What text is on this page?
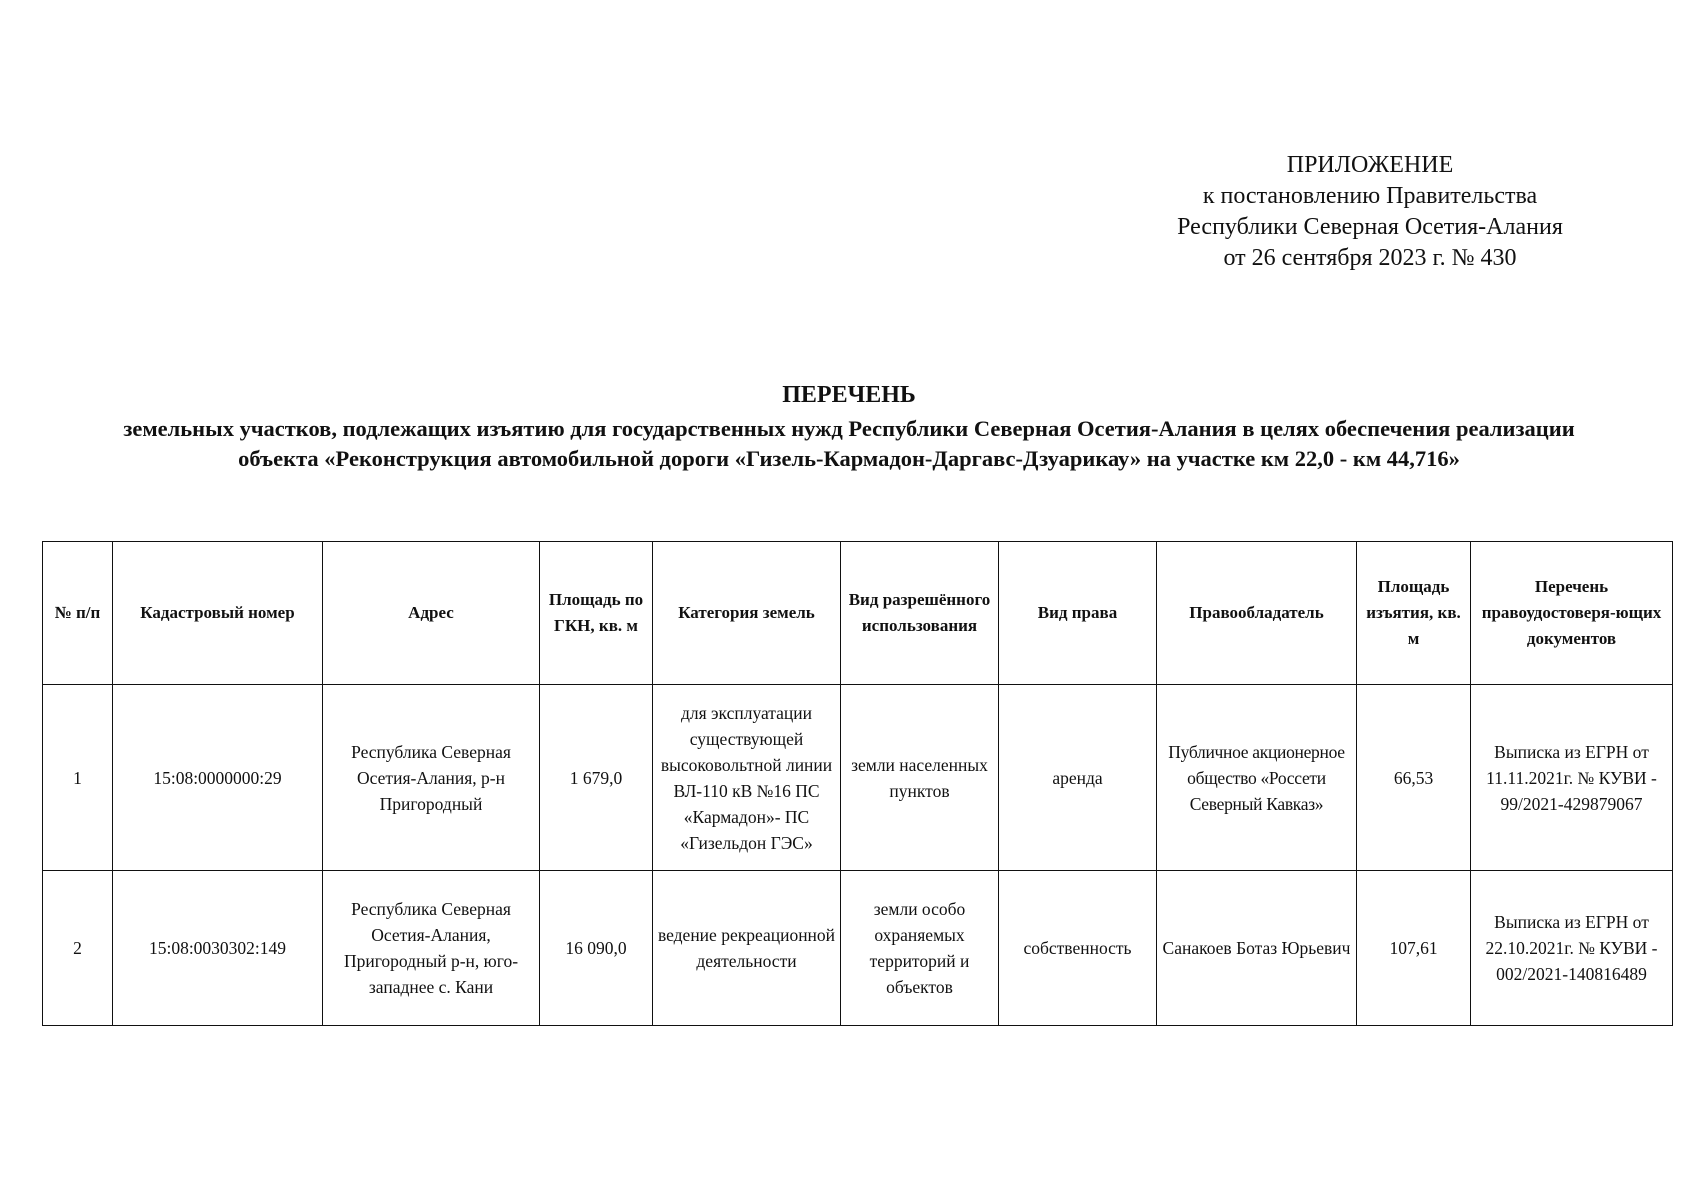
ПРИЛОЖЕНИЕ
к постановлению Правительства
Республики Северная Осетия-Алания
от 26 сентября 2023 г. № 430
ПЕРЕЧЕНЬ
земельных участков, подлежащих изъятию для государственных нужд Республики Северная Осетия-Алания в целях обеспечения реализации объекта «Реконструкция автомобильной дороги «Гизель-Кармадон-Даргавс-Дзуарикау» на участке км 22,0 - км 44,716»
№ п/п	Кадастровый номер	Адрес	Площадь по ГКН, кв. м	Категория земель	Вид разрешённого использования	Вид права	Правообладатель	Площадь изъятия, кв. м	Перечень правоудостоверя-ющих документов
1	15:08:0000000:29	Республика Северная Осетия-Алания, р-н Пригородный	1 679,0	для эксплуатации существующей высоковольтной линии ВЛ-110 кВ №16 ПС «Кармадон»- ПС «Гизельдон ГЭС»	земли населенных пунктов	аренда	Публичное акционерное общество «Россети Северный Кавказ»	66,53	Выписка из ЕГРН от 11.11.2021г. № КУВИ - 99/2021-429879067
2	15:08:0030302:149	Республика Северная Осетия-Алания, Пригородный р-н, юго-западнее с. Кани	16 090,0	ведение рекреационной деятельности	земли особо охраняемых территорий и объектов	собственность	Санакоев Ботаз Юрьевич	107,61	Выписка из ЕГРН от 22.10.2021г. № КУВИ - 002/2021-140816489
